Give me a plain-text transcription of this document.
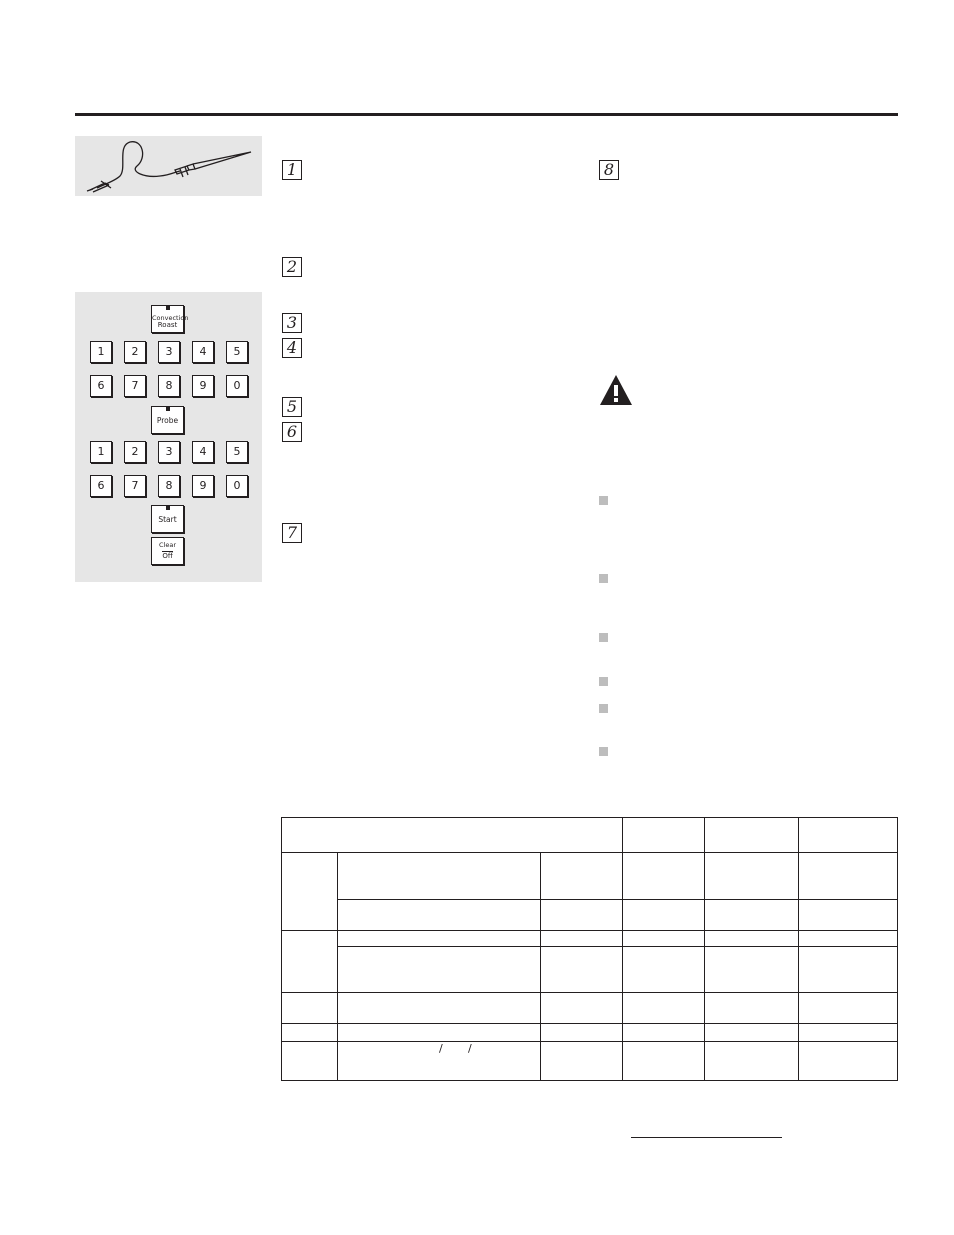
Convection
Roast
1	2	3	4	5
6	7	8	9	0
Probe
1	2	3	4	5
6	7	8	9	0
Start
Clear
Off
1
2
3
4
5
6
7
8
/ /
